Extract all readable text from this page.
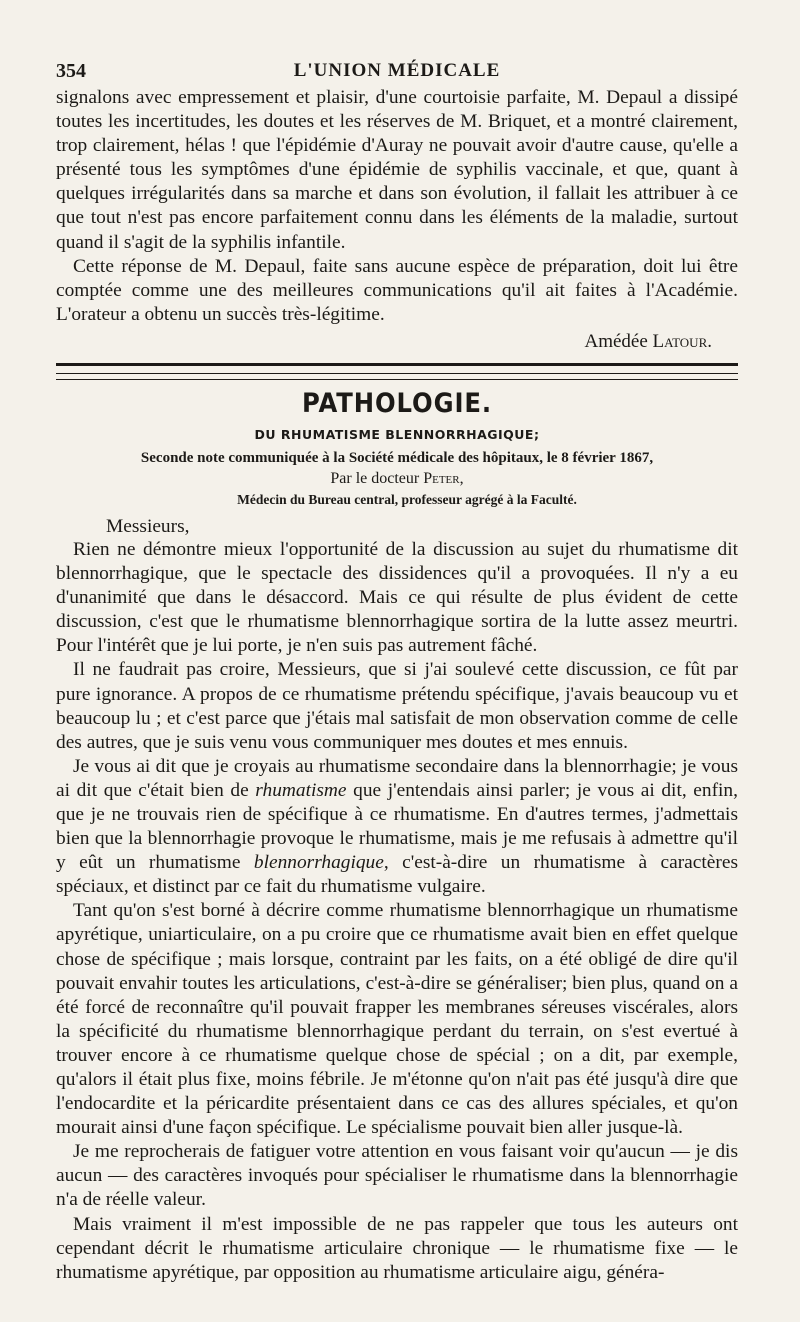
354	L'UNION MÉDICALE

signalons avec empressement et plaisir, d'une courtoisie parfaite, M. Depaul a dissipé toutes les incertitudes, les doutes et les réserves de M. Briquet, et a montré clairement, trop clairement, hélas ! que l'épidémie d'Auray ne pouvait avoir d'autre cause, qu'elle a présenté tous les symptômes d'une épidémie de syphilis vaccinale, et que, quant à quelques irrégularités dans sa marche et dans son évolution, il fallait les attribuer à ce que tout n'est pas encore parfaitement connu dans les éléments de la maladie, surtout quand il s'agit de la syphilis infantile.

Cette réponse de M. Depaul, faite sans aucune espèce de préparation, doit lui être comptée comme une des meilleures communications qu'il ait faites à l'Académie. L'orateur a obtenu un succès très-légitime.

Amédée Latour.
PATHOLOGIE.
DU RHUMATISME BLENNORRHAGIQUE;
Seconde note communiquée à la Société médicale des hôpitaux, le 8 février 1867,
Par le docteur Peter,
Médecin du Bureau central, professeur agrégé à la Faculté.
Messieurs,

Rien ne démontre mieux l'opportunité de la discussion au sujet du rhumatisme dit blennorrhagique, que le spectacle des dissidences qu'il a provoquées. Il n'y a eu d'unanimité que dans le désaccord. Mais ce qui résulte de plus évident de cette discussion, c'est que le rhumatisme blennorrhagique sortira de la lutte assez meurtri. Pour l'intérêt que je lui porte, je n'en suis pas autrement fâché.

Il ne faudrait pas croire, Messieurs, que si j'ai soulevé cette discussion, ce fût par pure ignorance. A propos de ce rhumatisme prétendu spécifique, j'avais beaucoup vu et beaucoup lu ; et c'est parce que j'étais mal satisfait de mon observation comme de celle des autres, que je suis venu vous communiquer mes doutes et mes ennuis.

Je vous ai dit que je croyais au rhumatisme secondaire dans la blennorrhagie; je vous ai dit que c'était bien de rhumatisme que j'entendais ainsi parler; je vous ai dit, enfin, que je ne trouvais rien de spécifique à ce rhumatisme. En d'autres termes, j'admettais bien que la blennorrhagie provoque le rhumatisme, mais je me refusais à admettre qu'il y eût un rhumatisme blennorrhagique, c'est-à-dire un rhumatisme à caractères spéciaux, et distinct par ce fait du rhumatisme vulgaire.

Tant qu'on s'est borné à décrire comme rhumatisme blennorrhagique un rhumatisme apyrétique, uniarticulaire, on a pu croire que ce rhumatisme avait bien en effet quelque chose de spécifique ; mais lorsque, contraint par les faits, on a été obligé de dire qu'il pouvait envahir toutes les articulations, c'est-à-dire se généraliser; bien plus, quand on a été forcé de reconnaître qu'il pouvait frapper les membranes séreuses viscérales, alors la spécificité du rhumatisme blennorrhagique perdant du terrain, on s'est evertué à trouver encore à ce rhumatisme quelque chose de spécial ; on a dit, par exemple, qu'alors il était plus fixe, moins fébrile. Je m'étonne qu'on n'ait pas été jusqu'à dire que l'endocardite et la péricardite présentaient dans ce cas des allures spéciales, et qu'on mourait ainsi d'une façon spécifique. Le spécialisme pouvait bien aller jusque-là.

Je me reprocherais de fatiguer votre attention en vous faisant voir qu'aucun — je dis aucun — des caractères invoqués pour spécialiser le rhumatisme dans la blennorrhagie n'a de réelle valeur.

Mais vraiment il m'est impossible de ne pas rappeler que tous les auteurs ont cependant décrit le rhumatisme articulaire chronique — le rhumatisme fixe — le rhumatisme apyrétique, par opposition au rhumatisme articulaire aigu, généra-
